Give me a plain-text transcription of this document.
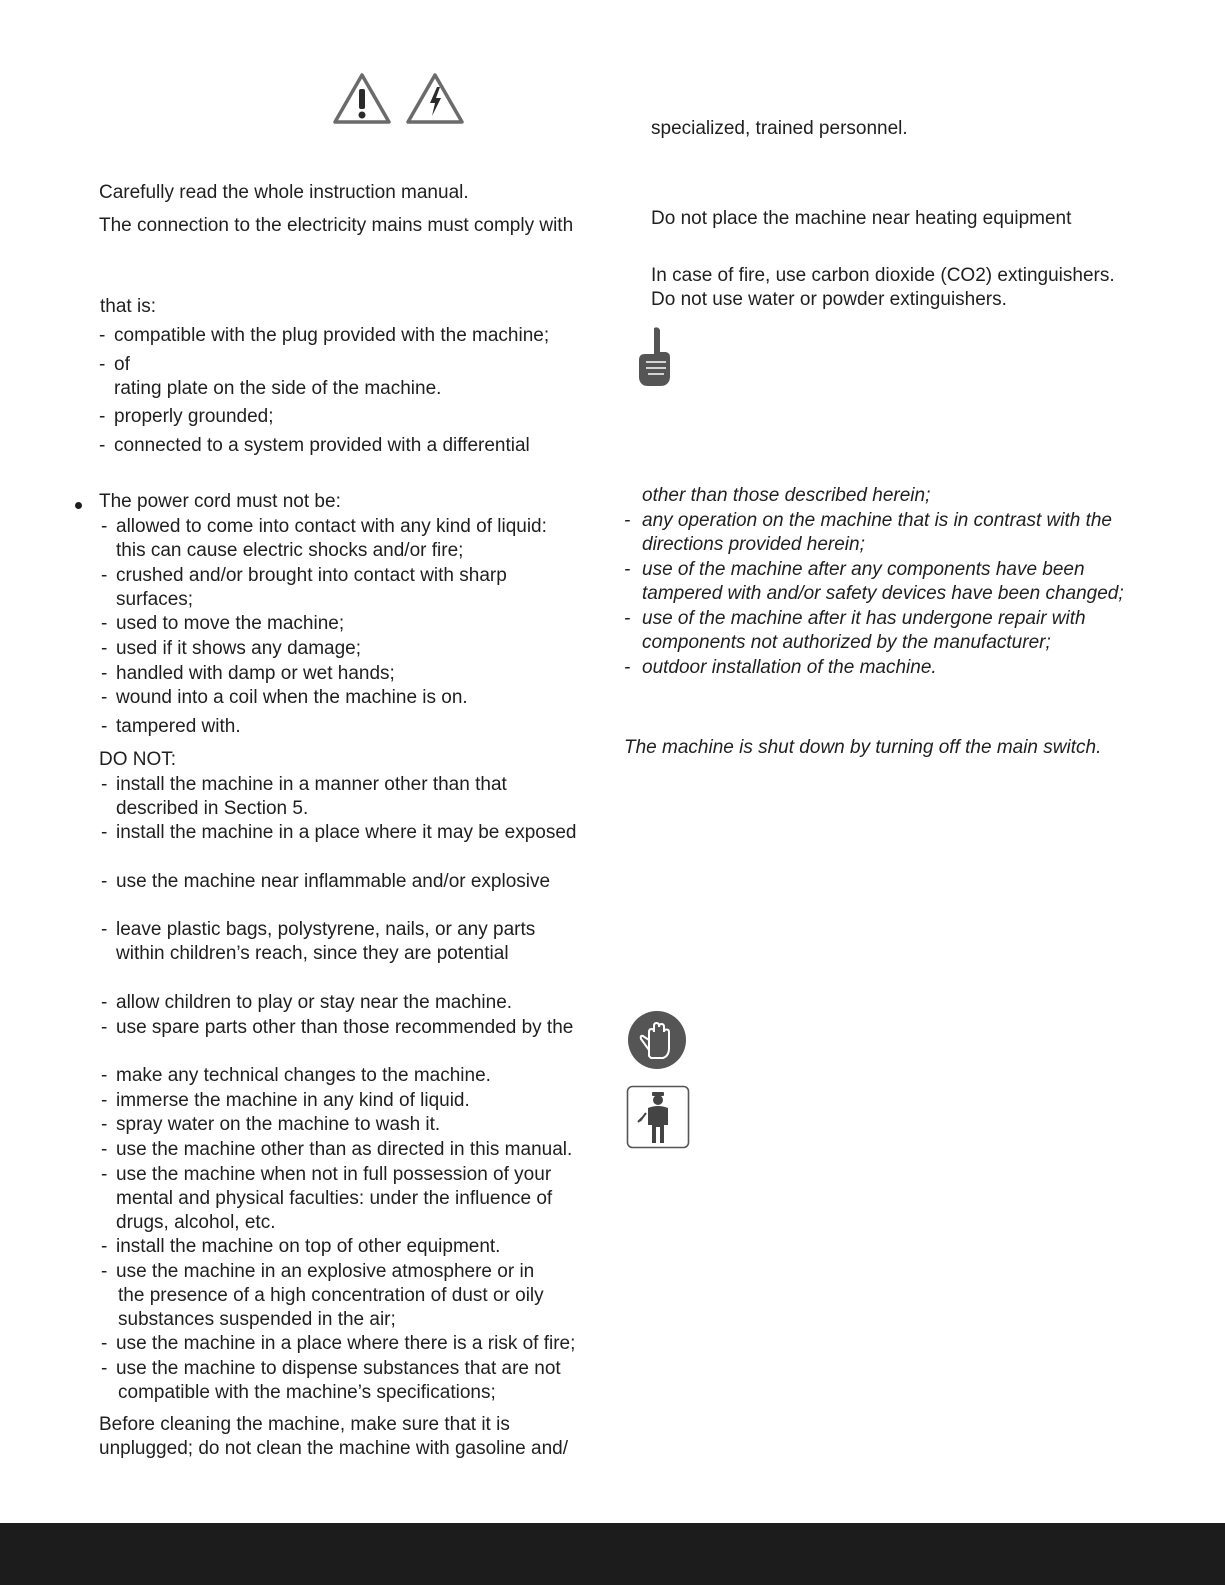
Carefully read the whole instruction manual.
The connection to the electricity mains must comply with
that is:
- compatible with the plug provided with the machine;
- of
rating plate on the side of the machine.
- properly grounded;
- connected to a system provided with a differential
The power cord must not be:
- allowed to come into contact with any kind of liquid:
this can cause electric shocks and/or fire;
- crushed and/or brought into contact with sharp
surfaces;
- used to move the machine;
- used if it shows any damage;
- handled with damp or wet hands;
- wound into a coil when the machine is on.
- tampered with.
DO NOT:
- install the machine in a manner other than that
described in Section 5.
- install the machine in a place where it may be exposed
- use the machine near inflammable and/or explosive
- leave plastic bags, polystyrene, nails, or any parts
within children’s reach, since they are potential
- allow children to play or stay near the machine.
- use spare parts other than those recommended by the
- make any technical changes to the machine.
- immerse the machine in any kind of liquid.
- spray water on the machine to wash it.
- use the machine other than as directed in this manual.
- use the machine when not in full possession of your
mental and physical faculties: under the influence of
drugs, alcohol, etc.
- install the machine on top of other equipment.
- use the machine in an explosive atmosphere or in
the presence of a high concentration of dust or oily
substances suspended in the air;
- use the machine in a place where there is a risk of fire;
- use the machine to dispense substances that are not
compatible with the machine’s specifications;
Before cleaning the machine, make sure that it is
unplugged; do not clean the machine with gasoline and/
specialized, trained personnel.
Do not place the machine near heating equipment
In case of fire, use carbon dioxide (CO2) extinguishers.
Do not use water or powder extinguishers.
other than those described herein;
- any operation on the machine that is in contrast with the
directions provided herein;
- use of the machine after any components have been
tampered with and/or safety devices have been changed;
- use of the machine after it has undergone repair with
components not authorized by the manufacturer;
- outdoor installation of the machine.
The machine is shut down by turning off the main switch.
